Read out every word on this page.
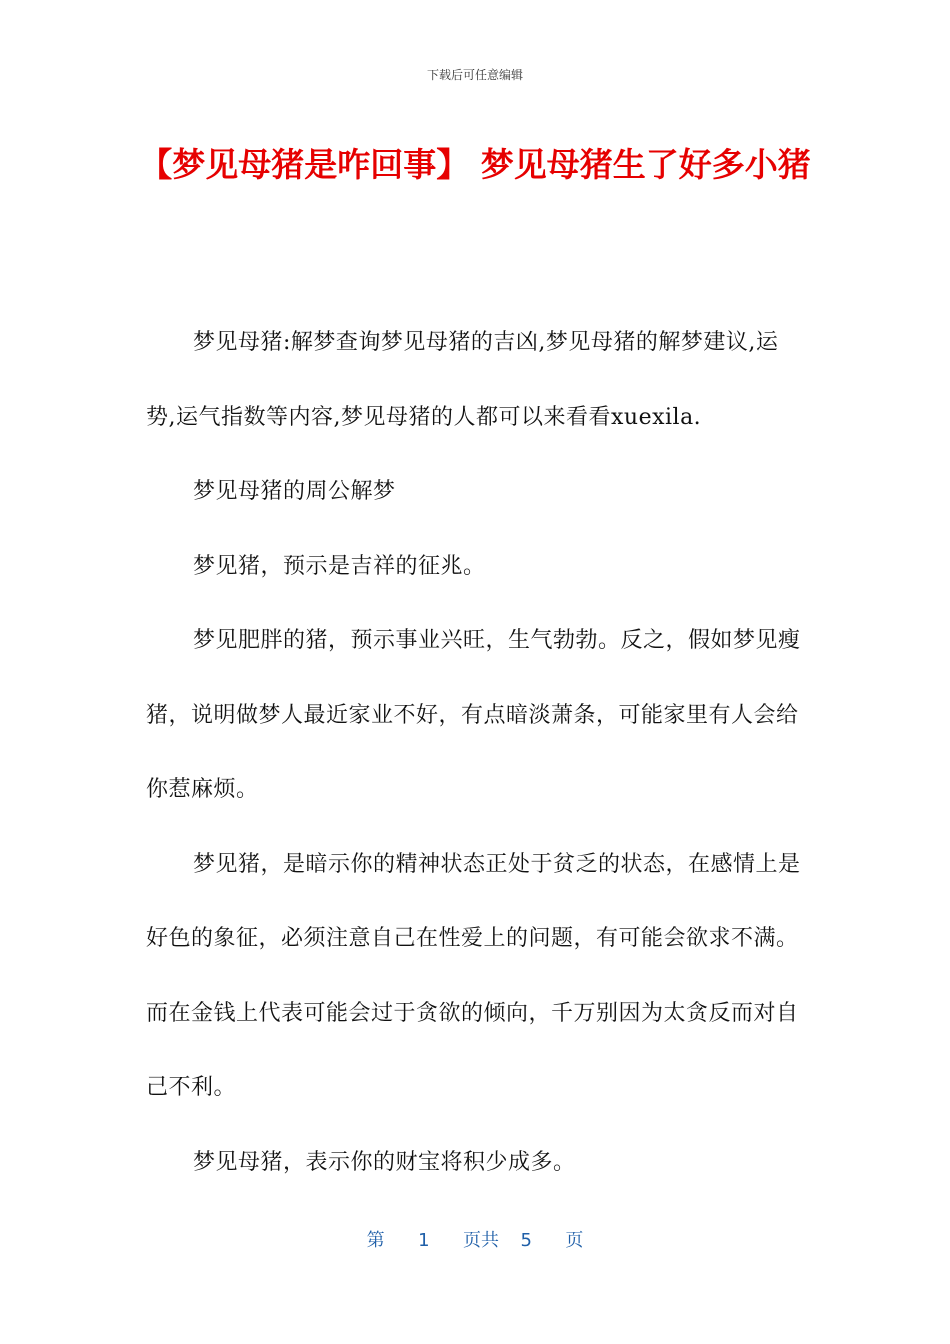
下载后可任意编辑
【梦见母猪是咋回事】 梦见母猪生了好多小猪

梦见母猪:解梦查询梦见母猪的吉凶,梦见母猪的解梦建议,运势,运气指数等内容,梦见母猪的人都可以来看看xuexila.

梦见母猪的周公解梦

梦见猪，预示是吉祥的征兆。

梦见肥胖的猪，预示事业兴旺，生气勃勃。反之，假如梦见瘦猪，说明做梦人最近家业不好，有点暗淡萧条，可能家里有人会给你惹麻烦。

梦见猪，是暗示你的精神状态正处于贫乏的状态，在感情上是好色的象征，必须注意自己在性爱上的问题，有可能会欲求不满。而在金钱上代表可能会过于贪欲的倾向，千万别因为太贪反而对自己不利。

梦见母猪，表示你的财宝将积少成多。

第 1 页共 5 页
